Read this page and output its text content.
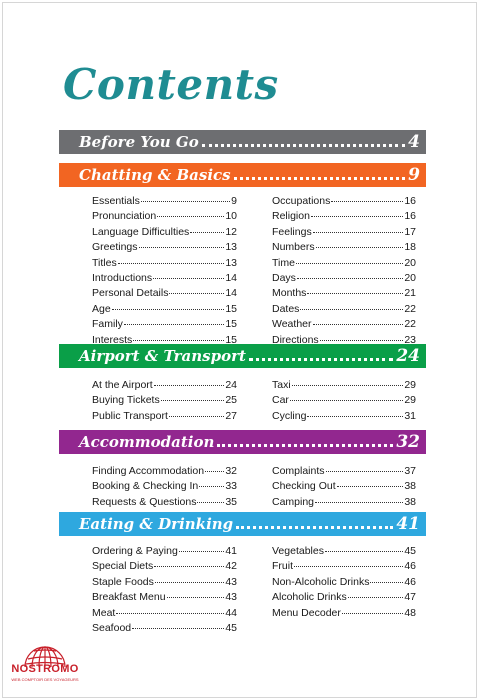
Contents
Before You Go	4
Chatting & Basics	9
Airport & Transport	24
Accommodation	32
Eating & Drinking	41
Essentials	9
Pronunciation	10
Language Difficulties	12
Greetings	13
Titles	13
Introductions	14
Personal Details	14
Age	15
Family	15
Interests	15
Occupations	16
Religion	16
Feelings	17
Numbers	18
Time	20
Days	20
Months	21
Dates	22
Weather	22
Directions	23
At the Airport	24
Buying Tickets	25
Public Transport	27
Taxi	29
Car	29
Cycling	31
Finding Accommodation 32
Booking & Checking In	33
Requests & Questions	35
Complaints	37
Checking Out	38
Camping	38
Ordering & Paying	41
Special Diets	42
Staple Foods	43
Breakfast Menu	43
Meat	44
Seafood	45
Vegetables	45
Fruit	46
Non-Alcoholic Drinks	46
Alcoholic Drinks	47
Menu Decoder	48
NOSTROMO
WEB COMPTOIR DES VOYAGEURS
